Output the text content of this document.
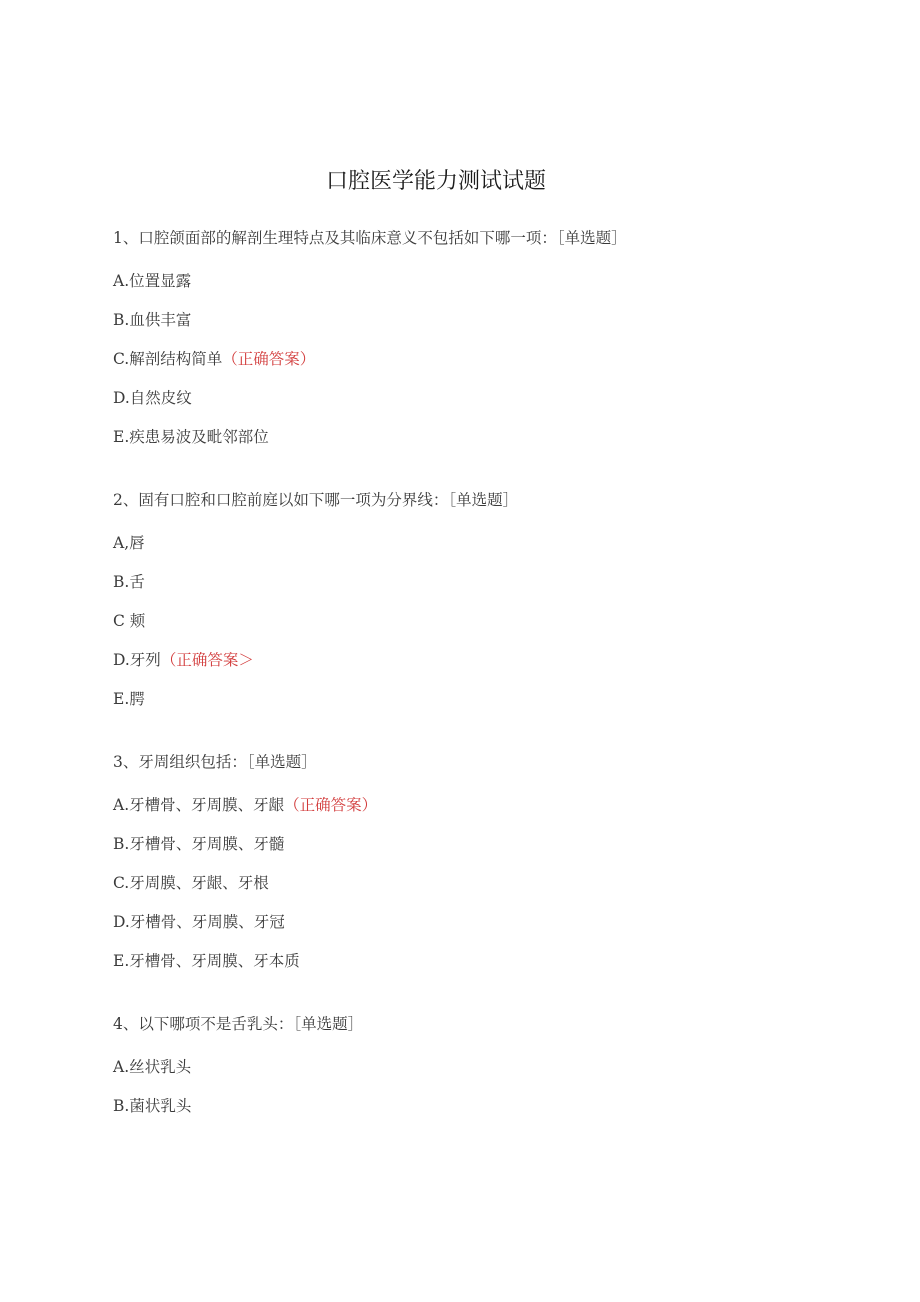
口腔医学能力测试试题
1、口腔颌面部的解剖生理特点及其临床意义不包括如下哪一项：［单选题］
A.位置显露
B.血供丰富
C.解剖结构简单（正确答案）
D.自然皮纹
E.疾患易波及毗邻部位
2、固有口腔和口腔前庭以如下哪一项为分界线：［单选题］
A,唇
B.舌
C 颊
D.牙列（正确答案＞
E.腭
3、牙周组织包括：［单选题］
A.牙槽骨、牙周膜、牙龈（正确答案）
B.牙槽骨、牙周膜、牙髓
C.牙周膜、牙龈、牙根
D.牙槽骨、牙周膜、牙冠
E.牙槽骨、牙周膜、牙本质
4、以下哪项不是舌乳头：［单选题］
A.丝状乳头
B.菌状乳头
